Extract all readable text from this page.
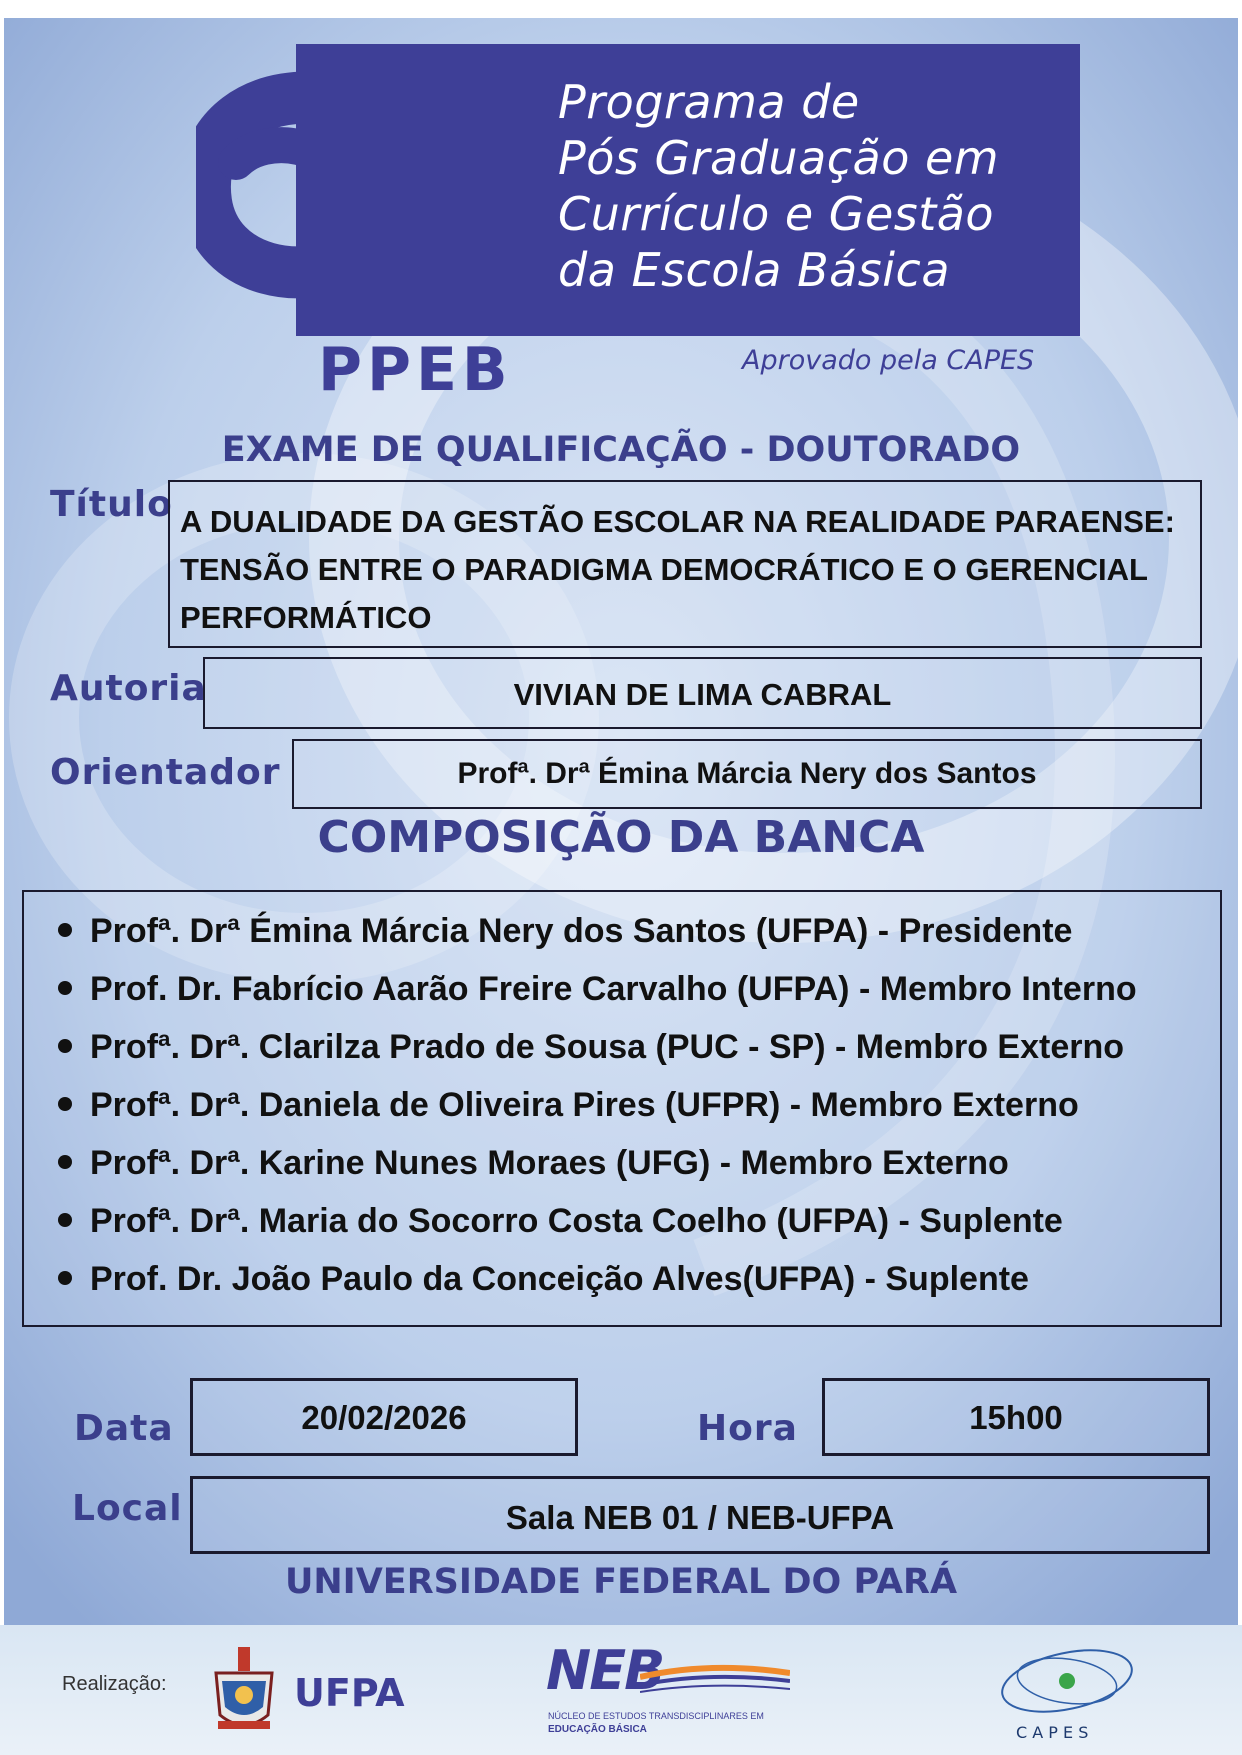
Programa de
Pós Graduação em
Currículo e Gestão
da Escola Básica
PPEB	Aprovado pela CAPES
EXAME DE QUALIFICAÇÃO - DOUTORADO
Título A DUALIDADE DA GESTÃO ESCOLAR NA REALIDADE PARAENSE: TENSÃO ENTRE O PARADIGMA DEMOCRÁTICO E O GERENCIAL PERFORMÁTICO
Autoria	VIVIAN DE LIMA CABRAL
Orientador	Profª. Drª Émina Márcia Nery dos Santos
COMPOSIÇÃO DA BANCA
Profª. Drª Émina Márcia Nery dos Santos (UFPA) - Presidente
Prof. Dr. Fabrício Aarão Freire Carvalho (UFPA) - Membro Interno
Profª. Drª. Clarilza Prado de Sousa (PUC - SP) - Membro Externo
Profª. Drª. Daniela de Oliveira Pires (UFPR) - Membro Externo
Profª. Drª. Karine Nunes Moraes (UFG) - Membro Externo
Profª. Drª. Maria do Socorro Costa Coelho (UFPA) - Suplente
Prof. Dr. João Paulo da Conceição Alves(UFPA) - Suplente
Data	20/02/2026	Hora	15h00
Local	Sala NEB 01 / NEB-UFPA
UNIVERSIDADE FEDERAL DO PARÁ
Realização:	UFPA	NEB
NÚCLEO DE ESTUDOS TRANSDISCIPLINARES EM
EDUCAÇÃO BÁSICA	C A P E S
